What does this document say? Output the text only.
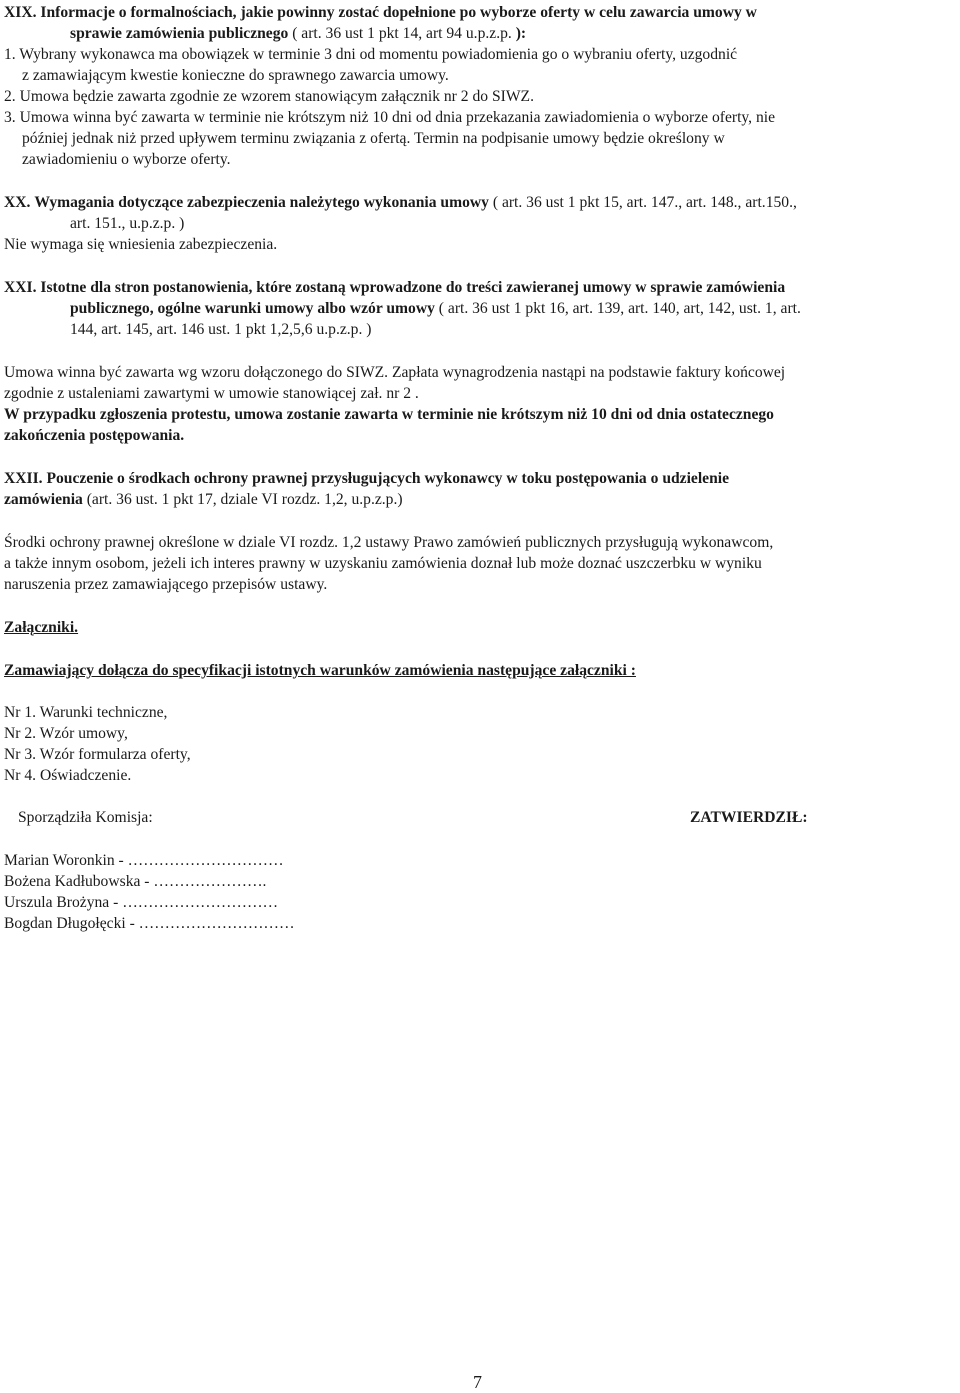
XIX. Informacje o formalnościach, jakie powinny zostać dopełnione po wyborze oferty w celu zawarcia umowy w
sprawie zamówienia publicznego ( art. 36 ust 1 pkt 14, art 94 u.p.z.p. ):
1. Wybrany wykonawca ma obowiązek w terminie 3 dni od momentu powiadomienia go o wybraniu oferty, uzgodnić
z zamawiającym kwestie konieczne do sprawnego zawarcia umowy.
2. Umowa będzie zawarta zgodnie ze wzorem stanowiącym załącznik nr 2 do SIWZ.
3. Umowa winna być zawarta w terminie nie krótszym niż 10 dni od dnia przekazania zawiadomienia o wyborze oferty, nie
później jednak niż przed upływem terminu związania z ofertą. Termin na podpisanie umowy będzie określony w
zawiadomieniu o wyborze oferty.
XX. Wymagania dotyczące zabezpieczenia należytego wykonania umowy ( art. 36 ust 1 pkt 15, art. 147., art. 148., art.150.,
art. 151., u.p.z.p. )
Nie wymaga się wniesienia zabezpieczenia.
XXI. Istotne dla stron postanowienia, które zostaną wprowadzone do treści zawieranej umowy w sprawie zamówienia
publicznego, ogólne warunki umowy albo wzór umowy ( art. 36 ust 1 pkt 16, art. 139, art. 140, art, 142, ust. 1, art.
144, art. 145, art. 146 ust. 1 pkt 1,2,5,6 u.p.z.p. )
Umowa winna być zawarta wg wzoru dołączonego do SIWZ. Zapłata wynagrodzenia nastąpi na podstawie faktury końcowej
zgodnie z ustaleniami zawartymi w umowie stanowiącej zał. nr 2 .
W przypadku zgłoszenia protestu, umowa zostanie zawarta w terminie nie krótszym niż 10 dni od dnia ostatecznego
zakończenia postępowania.
XXII. Pouczenie o środkach ochrony prawnej przysługujących wykonawcy w toku postępowania o udzielenie
zamówienia (art. 36 ust. 1 pkt 17, dziale VI rozdz. 1,2, u.p.z.p.)
Środki ochrony prawnej określone w dziale VI rozdz. 1,2 ustawy Prawo zamówień publicznych przysługują wykonawcom,
a także innym osobom, jeżeli ich interes prawny w uzyskaniu zamówienia doznał lub może doznać uszczerbku w wyniku
naruszenia przez zamawiającego przepisów ustawy.
Załączniki.
Zamawiający dołącza do specyfikacji istotnych warunków zamówienia następujące załączniki :
Nr 1. Warunki techniczne,
Nr 2. Wzór umowy,
Nr 3. Wzór formularza oferty,
Nr 4. Oświadczenie.
Sporządziła Komisja:	ZATWIERDZIŁ:
Marian Woronkin - …………………………
Bożena Kadłubowska - ………………….
Urszula Brożyna - …………………………
Bogdan Długołęcki - …………………………
7
